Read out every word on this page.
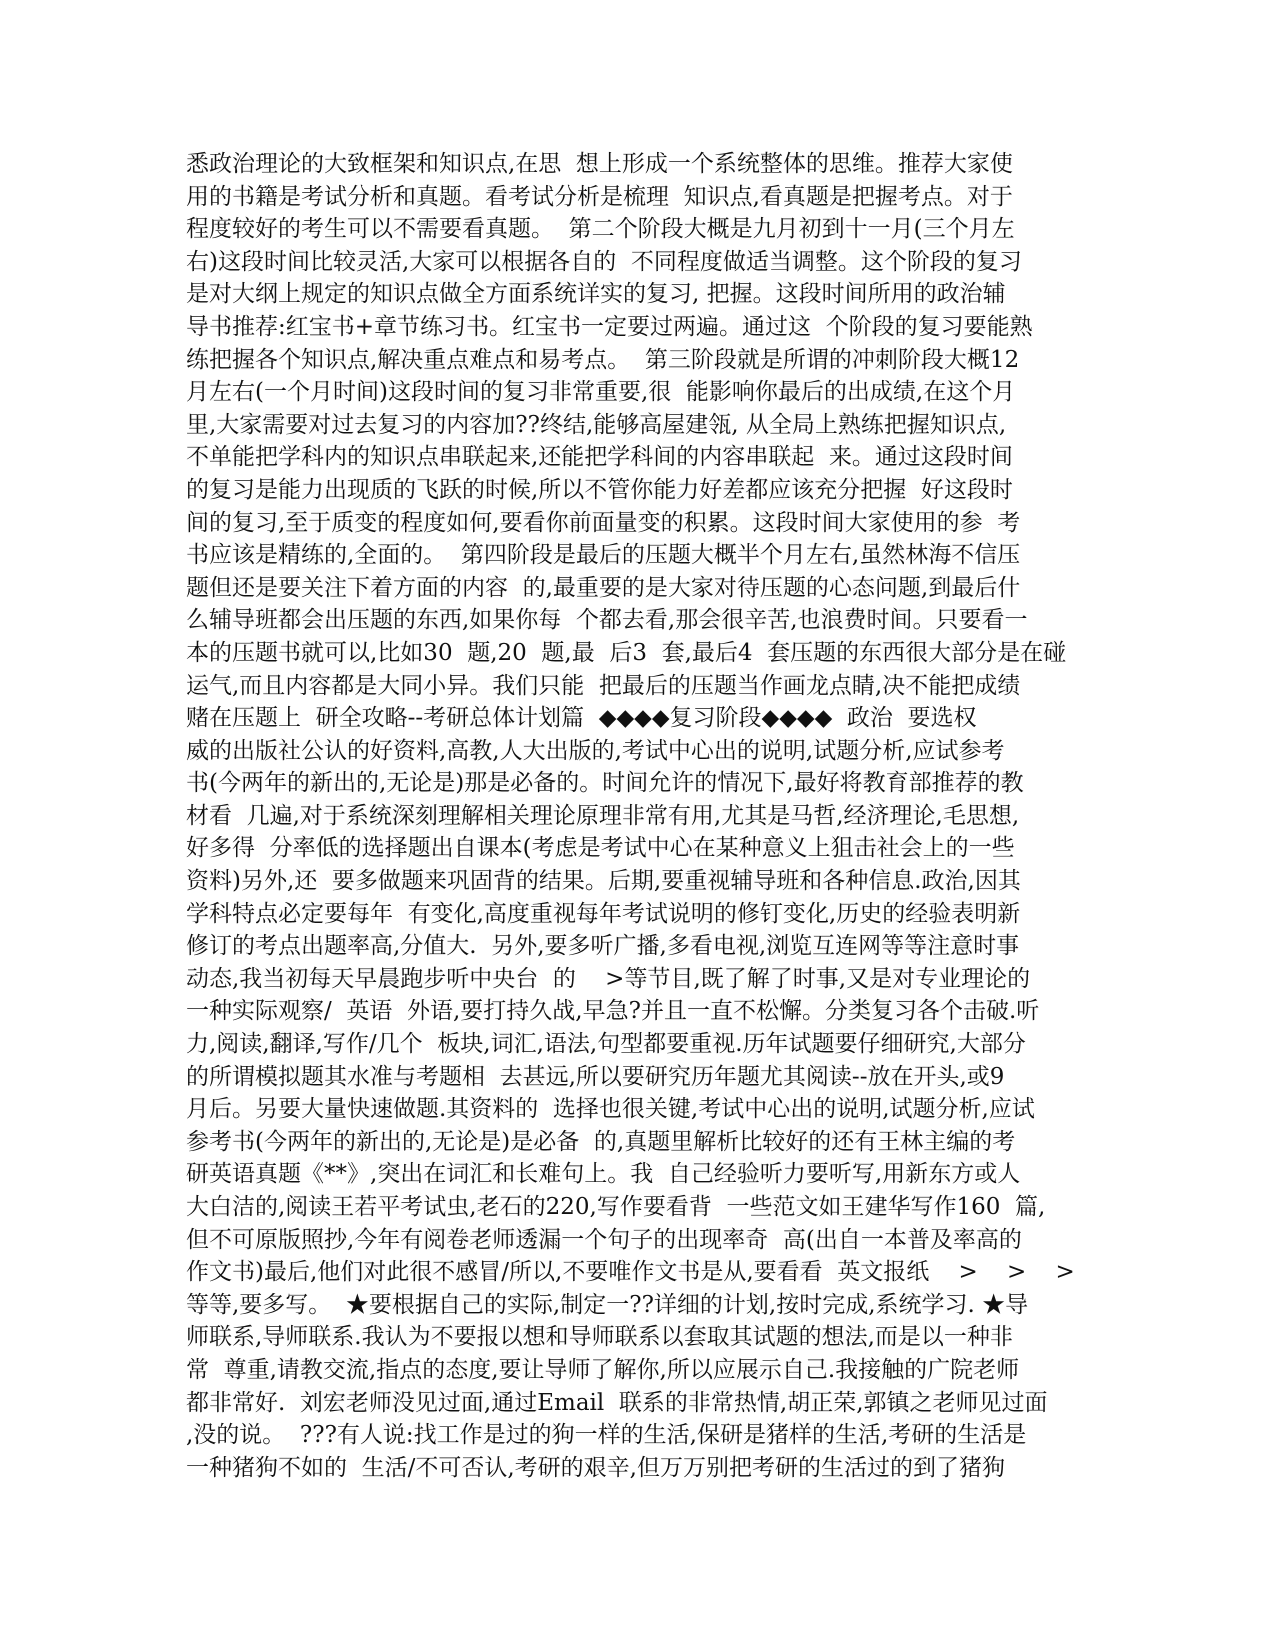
悉政治理论的大致框架和知识点,在思  想上形成一个系统整体的思维。推荐大家使
用的书籍是考试分析和真题。看考试分析是梳理  知识点,看真题是把握考点。对于
程度较好的考生可以不需要看真题。  第二个阶段大概是九月初到十一月(三个月左
右)这段时间比较灵活,大家可以根据各自的  不同程度做适当调整。这个阶段的复习
是对大纲上规定的知识点做全方面系统详实的复习, 把握。这段时间所用的政治辅
导书推荐:红宝书+章节练习书。红宝书一定要过两遍。通过这  个阶段的复习要能熟
练把握各个知识点,解决重点难点和易考点。  第三阶段就是所谓的冲刺阶段大概12
月左右(一个月时间)这段时间的复习非常重要,很  能影响你最后的出成绩,在这个月
里,大家需要对过去复习的内容加??终结,能够高屋建瓴, 从全局上熟练把握知识点,
不单能把学科内的知识点串联起来,还能把学科间的内容串联起  来。通过这段时间
的复习是能力出现质的飞跃的时候,所以不管你能力好差都应该充分把握  好这段时
间的复习,至于质变的程度如何,要看你前面量变的积累。这段时间大家使用的参  考
书应该是精练的,全面的。  第四阶段是最后的压题大概半个月左右,虽然林海不信压
题但还是要关注下着方面的内容  的,最重要的是大家对待压题的心态问题,到最后什
么辅导班都会出压题的东西,如果你每  个都去看,那会很辛苦,也浪费时间。只要看一
本的压题书就可以,比如30  题,20  题,最  后3  套,最后4  套压题的东西很大部分是在碰
运气,而且内容都是大同小异。我们只能  把最后的压题当作画龙点睛,决不能把成绩
赌在压题上  研全攻略--考研总体计划篇  ◆◆◆◆复习阶段◆◆◆◆  政治  要选权
威的出版社公认的好资料,高教,人大出版的,考试中心出的说明,试题分析,应试参考
书(今两年的新出的,无论是)那是必备的。时间允许的情况下,最好将教育部推荐的教
材看  几遍,对于系统深刻理解相关理论原理非常有用,尤其是马哲,经济理论,毛思想,
好多得  分率低的选择题出自课本(考虑是考试中心在某种意义上狙击社会上的一些
资料)另外,还  要多做题来巩固背的结果。后期,要重视辅导班和各种信息.政治,因其
学科特点必定要每年  有变化,高度重视每年考试说明的修钉变化,历史的经验表明新
修订的考点出题率高,分值大.  另外,要多听广播,多看电视,浏览互连网等等注意时事
动态,我当初每天早晨跑步听中央台  的    >等节目,既了解了时事,又是对专业理论的
一种实际观察/  英语  外语,要打持久战,早急?并且一直不松懈。分类复习各个击破.听
力,阅读,翻译,写作/几个  板块,词汇,语法,句型都要重视.历年试题要仔细研究,大部分
的所谓模拟题其水准与考题相  去甚远,所以要研究历年题尤其阅读--放在开头,或9
月后。另要大量快速做题.其资料的  选择也很关键,考试中心出的说明,试题分析,应试
参考书(今两年的新出的,无论是)是必备  的,真题里解析比较好的还有王林主编的考
研英语真题《**》,突出在词汇和长难句上。我  自己经验听力要听写,用新东方或人
大白洁的,阅读王若平考试虫,老石的220,写作要看背  一些范文如王建华写作160  篇,
但不可原版照抄,今年有阅卷老师透漏一个句子的出现率奇  高(出自一本普及率高的
作文书)最后,他们对此很不感冒/所以,不要唯作文书是从,要看看  英文报纸    >    >    >
等等,要多写。  ★要根据自己的实际,制定一??详细的计划,按时完成,系统学习. ★导
师联系,导师联系.我认为不要报以想和导师联系以套取其试题的想法,而是以一种非
常  尊重,请教交流,指点的态度,要让导师了解你,所以应展示自己.我接触的广院老师
都非常好.  刘宏老师没见过面,通过Email  联系的非常热情,胡正荣,郭镇之老师见过面
,没的说。  ???有人说:找工作是过的狗一样的生活,保研是猪样的生活,考研的生活是
一种猪狗不如的  生活/不可否认,考研的艰辛,但万万别把考研的生活过的到了猪狗
